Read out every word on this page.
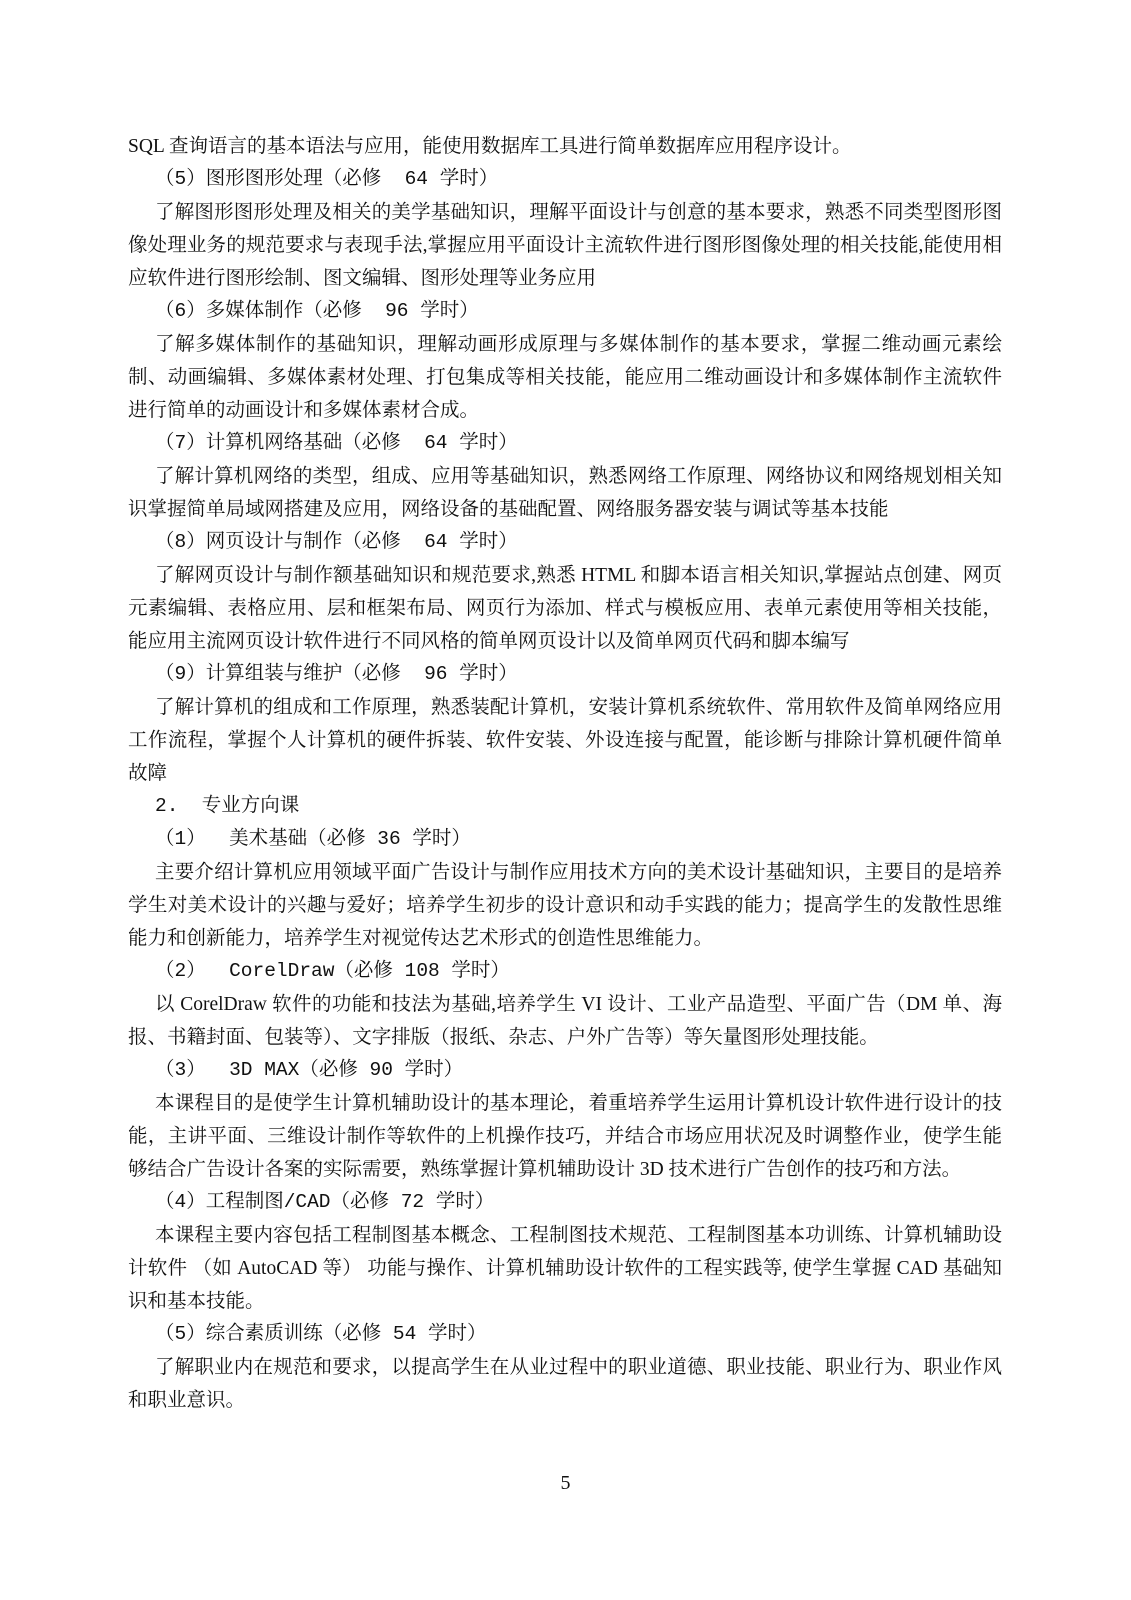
SQL 查询语言的基本语法与应用，能使用数据库工具进行简单数据库应用程序设计。

（5）图形图形处理（必修  64 学时）

了解图形图形处理及相关的美学基础知识，理解平面设计与创意的基本要求，熟悉不同类型图形图像处理业务的规范要求与表现手法,掌握应用平面设计主流软件进行图形图像处理的相关技能,能使用相应软件进行图形绘制、图文编辑、图形处理等业务应用

（6）多媒体制作（必修  96 学时）

了解多媒体制作的基础知识，理解动画形成原理与多媒体制作的基本要求，掌握二维动画元素绘制、动画编辑、多媒体素材处理、打包集成等相关技能，能应用二维动画设计和多媒体制作主流软件进行简单的动画设计和多媒体素材合成。

（7）计算机网络基础（必修  64 学时）

了解计算机网络的类型，组成、应用等基础知识，熟悉网络工作原理、网络协议和网络规划相关知识掌握简单局域网搭建及应用，网络设备的基础配置、网络服务器安装与调试等基本技能

（8）网页设计与制作（必修  64 学时）

了解网页设计与制作额基础知识和规范要求,熟悉 HTML 和脚本语言相关知识,掌握站点创建、网页元素编辑、表格应用、层和框架布局、网页行为添加、样式与模板应用、表单元素使用等相关技能，能应用主流网页设计软件进行不同风格的简单网页设计以及简单网页代码和脚本编写

（9）计算组装与维护（必修  96 学时）

了解计算机的组成和工作原理，熟悉装配计算机，安装计算机系统软件、常用软件及简单网络应用工作流程，掌握个人计算机的硬件拆装、软件安装、外设连接与配置，能诊断与排除计算机硬件简单故障

2.  专业方向课

（1）  美术基础（必修 36 学时）

主要介绍计算机应用领域平面广告设计与制作应用技术方向的美术设计基础知识，主要目的是培养学生对美术设计的兴趣与爱好；培养学生初步的设计意识和动手实践的能力；提高学生的发散性思维能力和创新能力，培养学生对视觉传达艺术形式的创造性思维能力。

（2）  CorelDraw（必修 108 学时）

以 CorelDraw 软件的功能和技法为基础,培养学生 VI 设计、工业产品造型、平面广告（DM 单、海报、书籍封面、包装等）、文字排版（报纸、杂志、户外广告等）等矢量图形处理技能。

（3）  3D MAX（必修 90 学时）

本课程目的是使学生计算机辅助设计的基本理论，着重培养学生运用计算机设计软件进行设计的技能，主讲平面、三维设计制作等软件的上机操作技巧，并结合市场应用状况及时调整作业，使学生能够结合广告设计各案的实际需要，熟练掌握计算机辅助设计 3D 技术进行广告创作的技巧和方法。

（4）工程制图/CAD（必修 72 学时）

本课程主要内容包括工程制图基本概念、工程制图技术规范、工程制图基本功训练、计算机辅助设计软件 （如 AutoCAD 等） 功能与操作、计算机辅助设计软件的工程实践等, 使学生掌握 CAD 基础知识和基本技能。

（5）综合素质训练（必修 54 学时）

了解职业内在规范和要求，以提高学生在从业过程中的职业道德、职业技能、职业行为、职业作风和职业意识。

5
